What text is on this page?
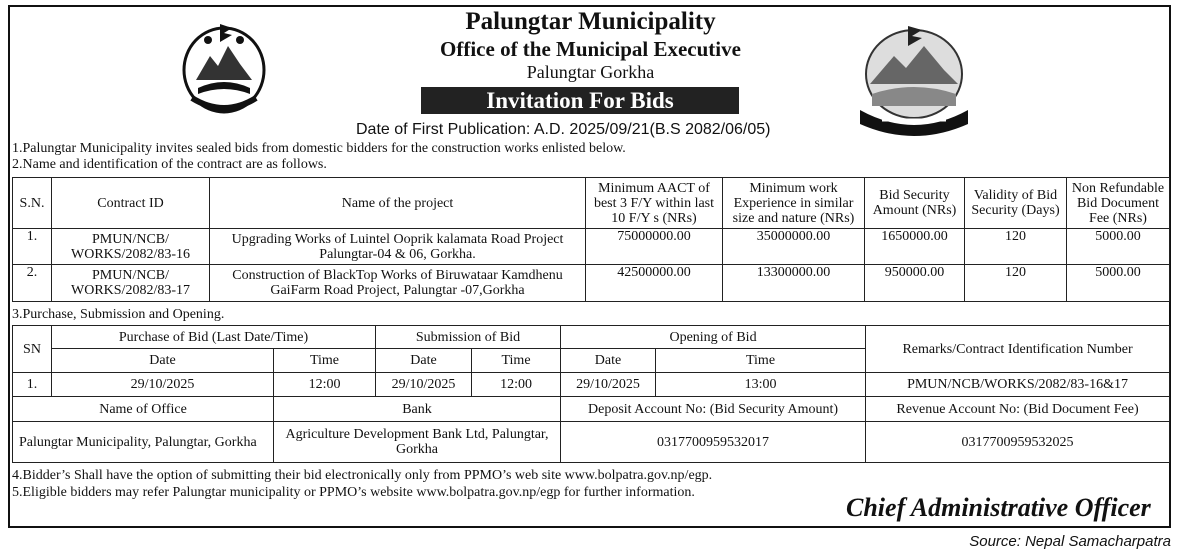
Palungtar Municipality
Office of the Municipal Executive
Palungtar Gorkha
Invitation For Bids
Date of First Publication: A.D. 2025/09/21(B.S 2082/06/05)
1.Palungtar Municipality invites sealed bids from domestic bidders for the construction works enlisted below.
2.Name and identification of the contract are as follows.
S.N.	Contract ID	Name of the project	Minimum AACT of best 3 F/Y within last 10 F/Y s (NRs)	Minimum work Experience in similar size and nature (NRs)	Bid Security Amount (NRs)	Validity of Bid Security (Days)	Non Refundable Bid Document Fee (NRs)
1.	PMUN/NCB/ WORKS/2082/83-16	Upgrading Works of Luintel Ooprik kalamata Road Project Palungtar-04 & 06, Gorkha.	75000000.00	35000000.00	1650000.00	120	5000.00
2.	PMUN/NCB/ WORKS/2082/83-17	Construction of BlackTop Works of Biruwataar Kamdhenu GaiFarm Road Project, Palungtar -07,Gorkha	42500000.00	13300000.00	950000.00	120	5000.00
3.Purchase, Submission and Opening.
SN	Purchase of Bid (Last Date/Time)		Submission of Bid		Opening of Bid		Remarks/Contract Identification Number
	Date	Time	Date	Time	Date	Time	
1.	29/10/2025	12:00	29/10/2025	12:00	29/10/2025	13:00	PMUN/NCB/WORKS/2082/83-16&17
Name of Office		Bank			Deposit Account No: (Bid Security Amount)		Revenue Account No: (Bid Document Fee)
Palungtar Municipality, Palungtar, Gorkha		Agriculture Development Bank Ltd, Palungtar, Gorkha			0317700959532017		0317700959532025
4.Bidder’s Shall have the option of submitting their bid electronically only from PPMO’s web site www.bolpatra.gov.np/egp.
5.Eligible bidders may refer Palungtar municipality or PPMO’s website www.bolpatra.gov.np/egp for further information.
Chief Administrative Officer
Source: Nepal Samacharpatra
